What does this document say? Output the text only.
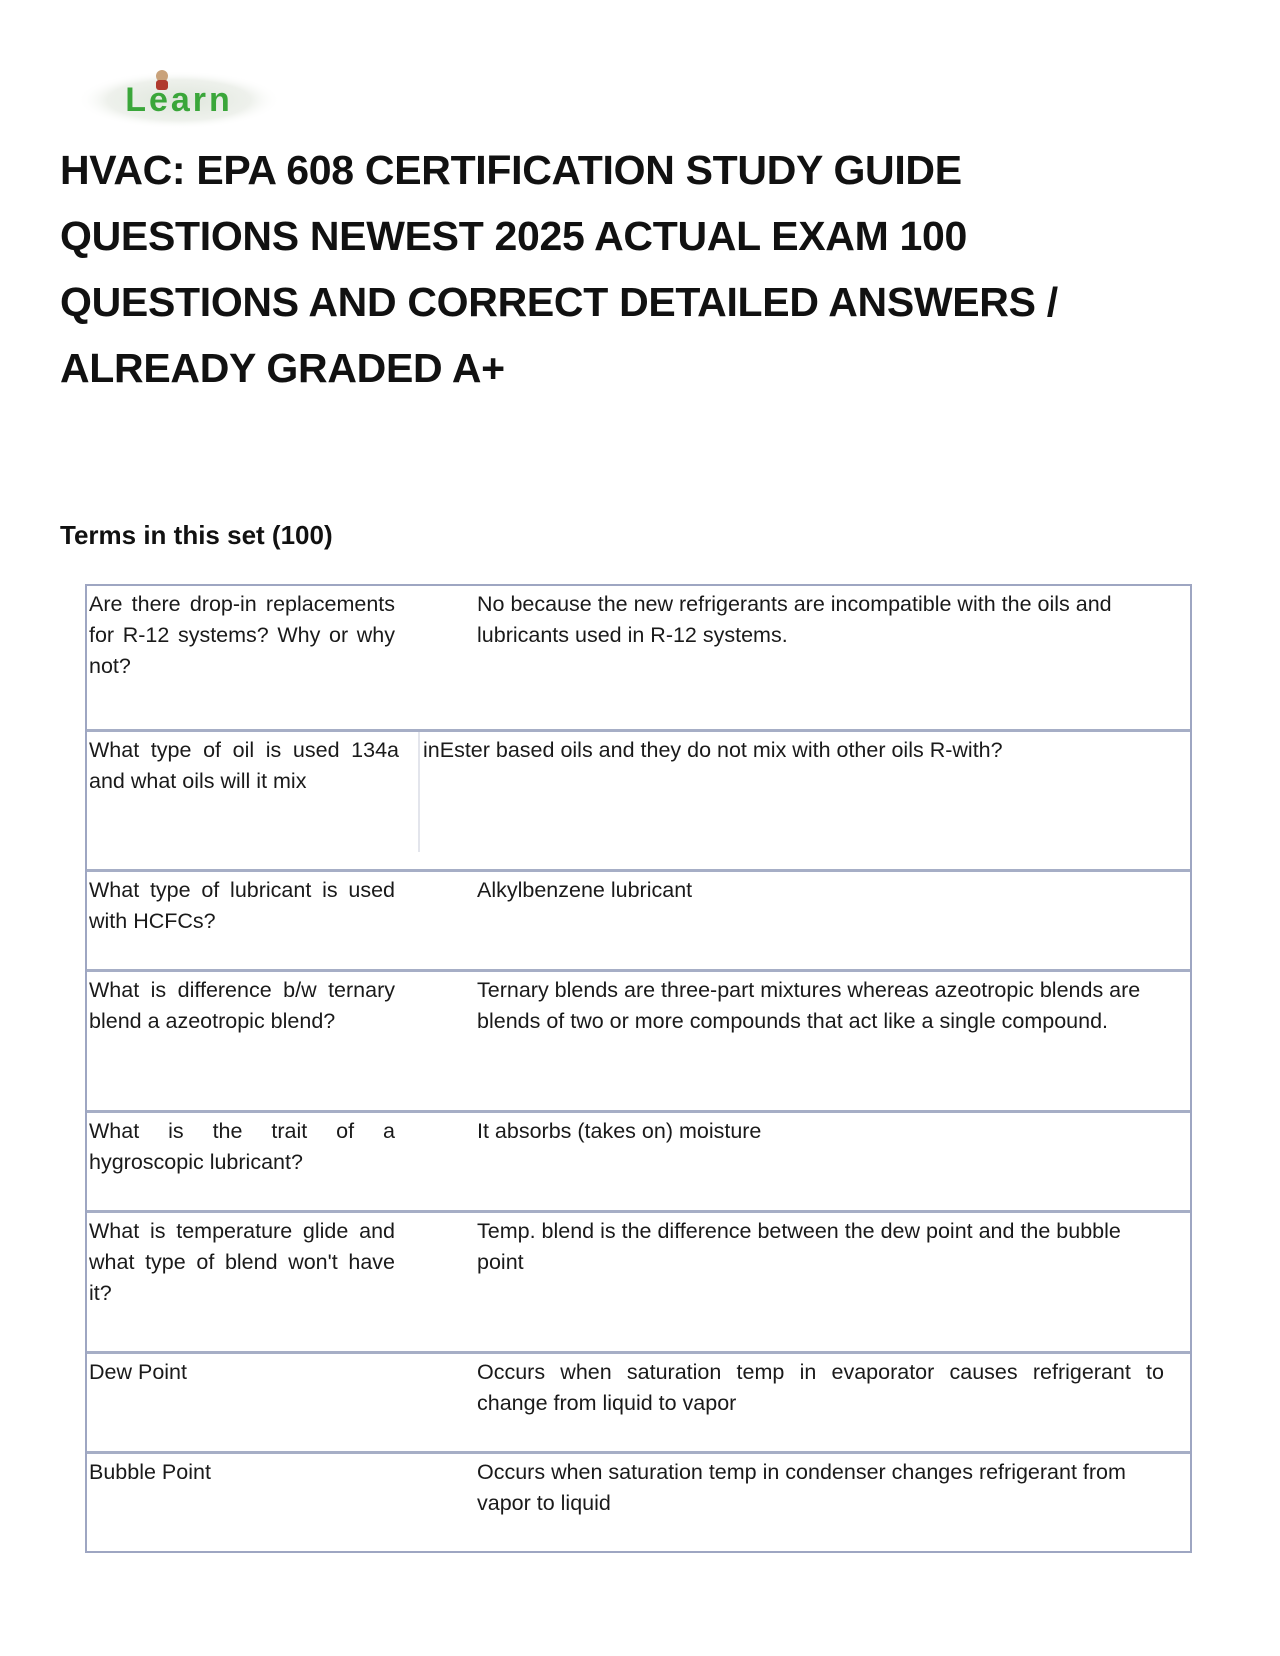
Learn
HVAC: EPA 608 CERTIFICATION STUDY GUIDE QUESTIONS NEWEST 2025 ACTUAL EXAM 100 QUESTIONS AND CORRECT DETAILED ANSWERS / ALREADY GRADED A+
Terms in this set (100)
Are there drop-in replacements for R-12 systems? Why or why not?
No because the new refrigerants are incompatible with the oils and lubricants used in R-12 systems.
What type of oil is used 134a and what oils will it mix
inEster based oils and they do not mix with other oils R-with?
What type of lubricant is used with HCFCs?
Alkylbenzene lubricant
What is difference b/w ternary blend a azeotropic blend?
Ternary blends are three-part mixtures whereas azeotropic blends are blends of two or more compounds that act like a single compound.
What is the trait of a hygroscopic lubricant?
It absorbs (takes on) moisture
What is temperature glide and what type of blend won't have it?
Temp. blend is the difference between the dew point and the bubble point
Dew Point	Occurs when saturation temp in evaporator causes refrigerant to change from liquid to vapor
Bubble Point	Occurs when saturation temp in condenser changes refrigerant from vapor to liquid
